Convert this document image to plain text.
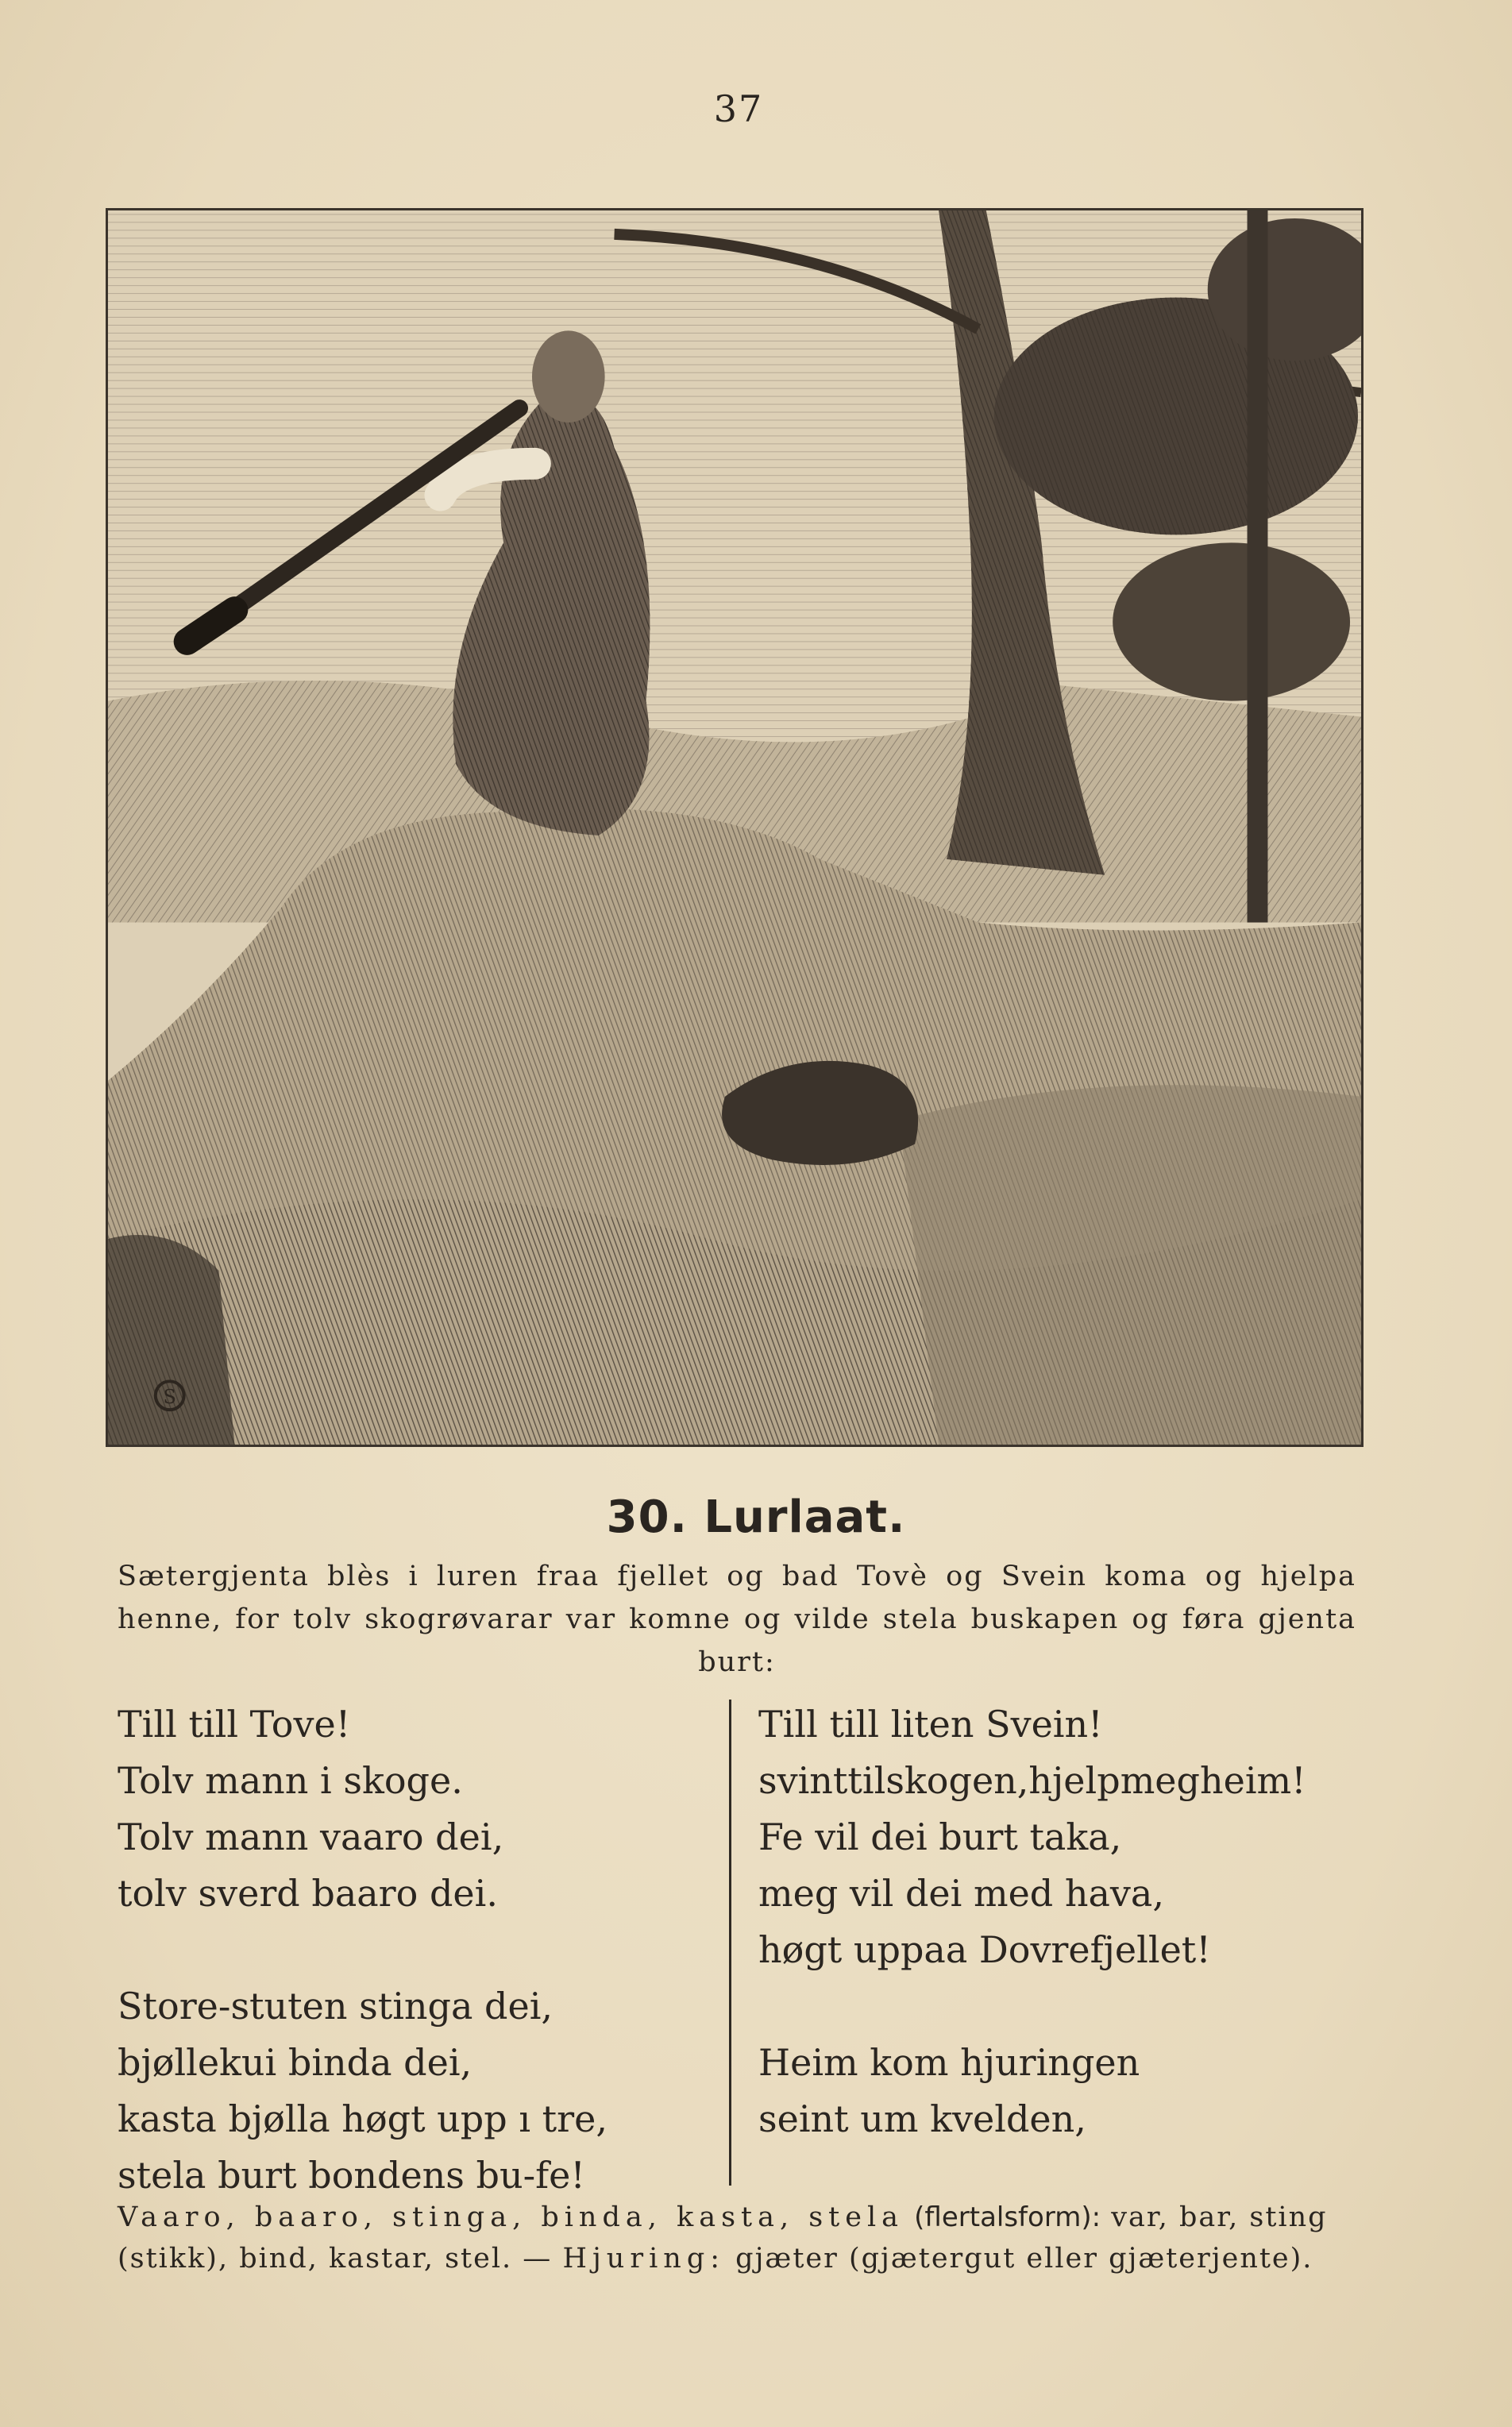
37
S
30. Lurlaat.
Sætergjenta blès i luren fraa fjellet og bad Tovè og Svein koma og hjelpa henne, for tolv skogrøvarar var komne og vilde stela buskapen og føra gjenta burt:
Till till Tove!
Tolv mann i skoge.
Tolv mann vaaro dei,
tolv sverd baaro dei.
Store-stuten stinga dei,
bjøllekui binda dei,
kasta bjølla høgt upp ı tre,
stela burt bondens bu-fe!
Till till liten Svein!
svinttilskogen,hjelpmegheim!
Fe vil dei burt taka,
meg vil dei med hava,
høgt uppaa Dovrefjellet!
Heim kom hjuringen
seint um kvelden,
Vaaro, baaro, stinga, binda, kasta, stela (flertalsform): var, bar, sting (stikk), bind, kastar, stel. — Hjuring: gjæter (gjætergut eller gjæterjente).
